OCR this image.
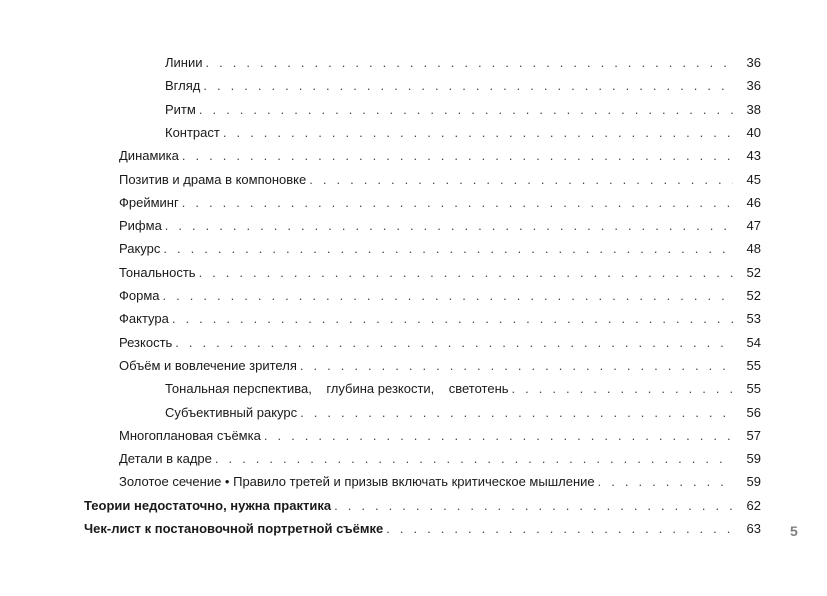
Линии . . .	36
Вгляд . . .	36
Ритм . . .	38
Контраст . . .	40
Динамика . . .	43
Позитив и драма в компоновке . . .	45
Фрейминг . . .	46
Рифма . . .	47
Ракурс . . .	48
Тональность . . .	52
Форма . . .	52
Фактура . . .	53
Резкость . . .	54
Объём и вовлечение зрителя . . .	55
Тональная перспектива,    глубина резкости,    светотень . . .	55
Субъективный ракурс . . .	56
Многоплановая съёмка . . .	57
Детали в кадре . . .	59
Золотое сечение • Правило третей и призыв включать критическое мышление . . .	59
Теории недостаточно, нужна практика . . .	62
Чек-лист к постановочной портретной съёмке . . .	63 5
